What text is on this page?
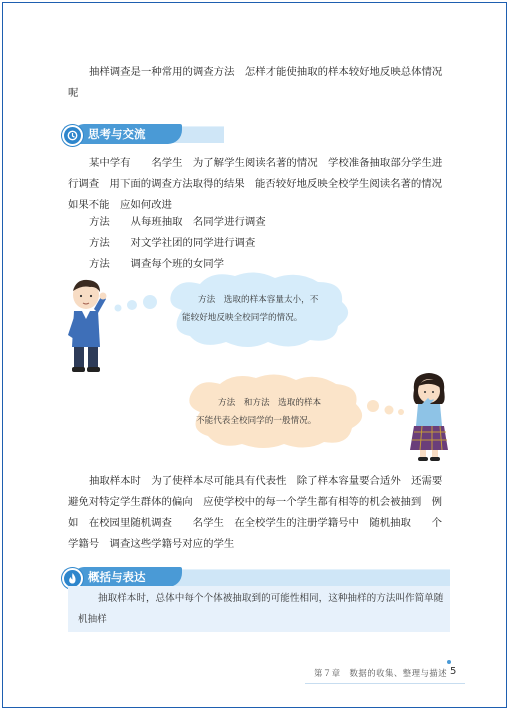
抽样调查是一种常用的调查方法　怎样才能使抽取的样本较好地反映总体情况呢

思考与交流

某中学有　　名学生　为了解学生阅读名著的情况　学校准备抽取部分学生进行调查　用下面的调查方法取得的结果　能否较好地反映全校学生阅读名著的情况　如果不能　应如何改进

方法　　从每班抽取　名同学进行调查

方法　　对文学社团的同学进行调查

方法　　调查每个班的女同学

方法　选取的样本容量太小，不
能较好地反映全校同学的情况。
方法　和方法　选取的样本
不能代表全校同学的一般情况。

抽取样本时　为了使样本尽可能具有代表性　除了样本容量要合适外　还需要避免对特定学生群体的偏向　应使学校中的每一个学生都有相等的机会被抽到　例如　在校园里随机调查　　名学生　在全校学生的注册学籍号中　随机抽取　　个学籍号　调查这些学籍号对应的学生

概括与表达

抽取样本时，总体中每个个体被抽取到的可能性相同，这种抽样的方法叫作简单随机抽样

第７章　数据的收集、整理与描述 5
